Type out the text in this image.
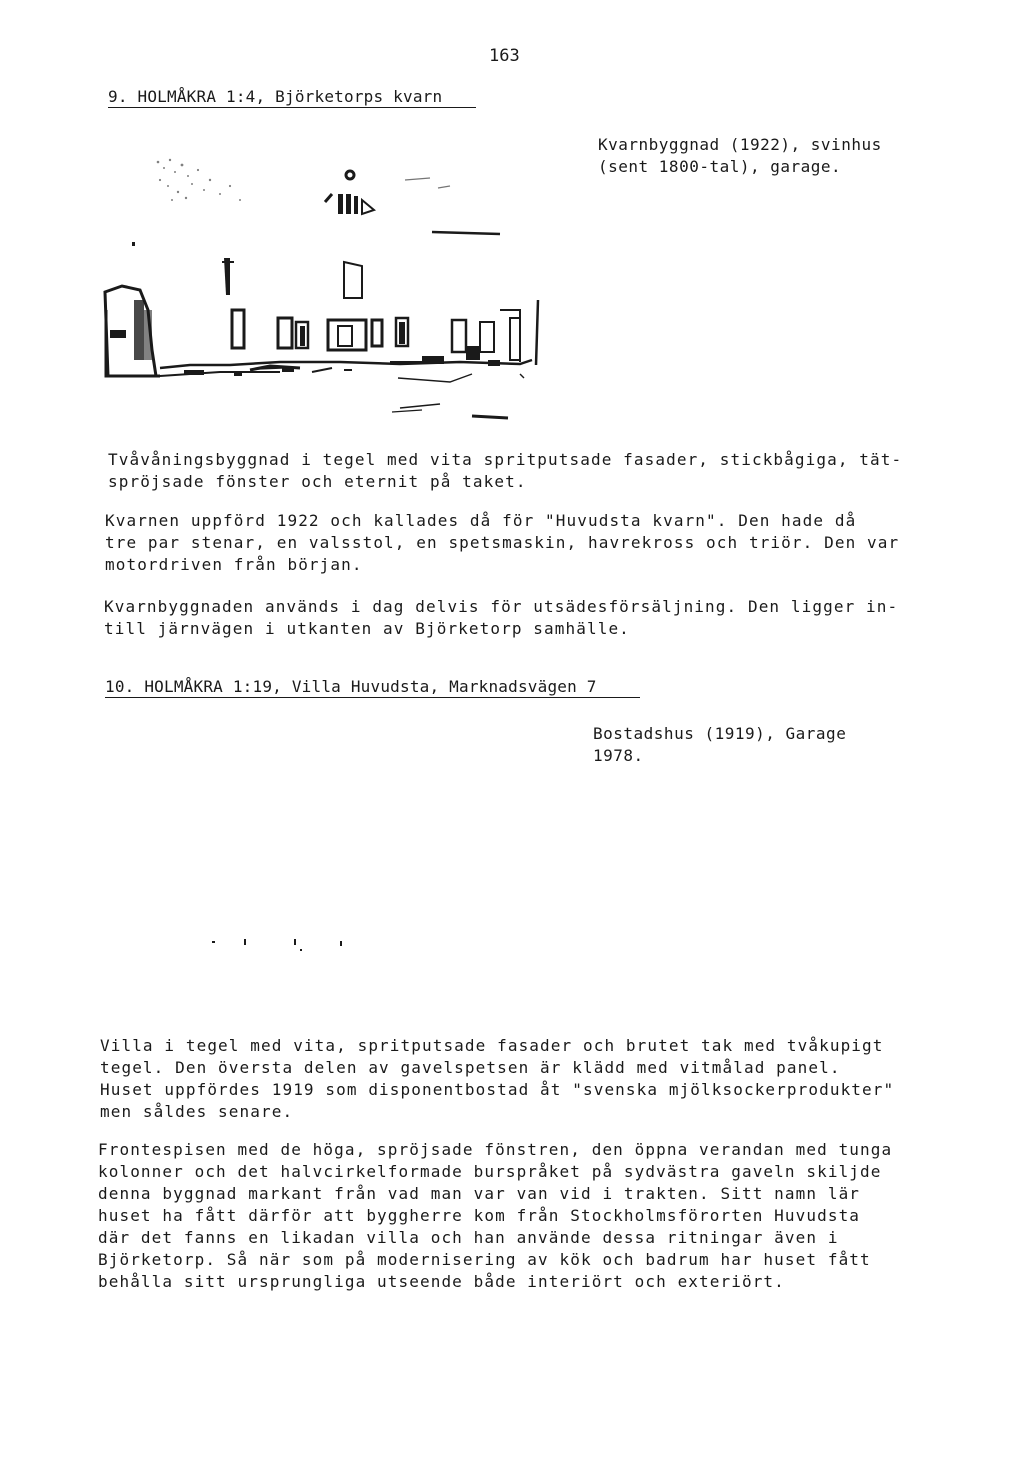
163
9. HOLMÅKRA 1:4, Björketorps kvarn
Kvarnbyggnad (1922), svinhus
(sent 1800-tal), garage.
Tvåvåningsbyggnad i tegel med vita spritputsade fasader, stickbågiga, tät-
spröjsade fönster och eternit på taket.
Kvarnen uppförd 1922 och kallades då för "Huvudsta kvarn". Den hade då
tre par stenar, en valsstol, en spetsmaskin, havrekross och triör. Den var
motordriven från början.
Kvarnbyggnaden används i dag delvis för utsädesförsäljning. Den ligger in-
till järnvägen i utkanten av Björketorp samhälle.
10. HOLMÅKRA 1:19, Villa Huvudsta, Marknadsvägen 7
Bostadshus (1919), Garage
1978.
Villa i tegel med vita, spritputsade fasader och brutet tak med tvåkupigt
tegel. Den översta delen av gavelspetsen är klädd med vitmålad panel.
Huset uppfördes 1919 som disponentbostad åt "svenska mjölksockerprodukter"
men såldes senare.
Frontespisen med de höga, spröjsade fönstren, den öppna verandan med tunga
kolonner och det halvcirkelformade burspråket på sydvästra gaveln skiljde
denna byggnad markant från vad man var van vid i trakten. Sitt namn lär
huset ha fått därför att byggherre kom från Stockholmsförorten Huvudsta
där det fanns en likadan villa och han använde dessa ritningar även i
Björketorp. Så när som på modernisering av kök och badrum har huset fått
behålla sitt ursprungliga utseende både interiört och exteriört.
